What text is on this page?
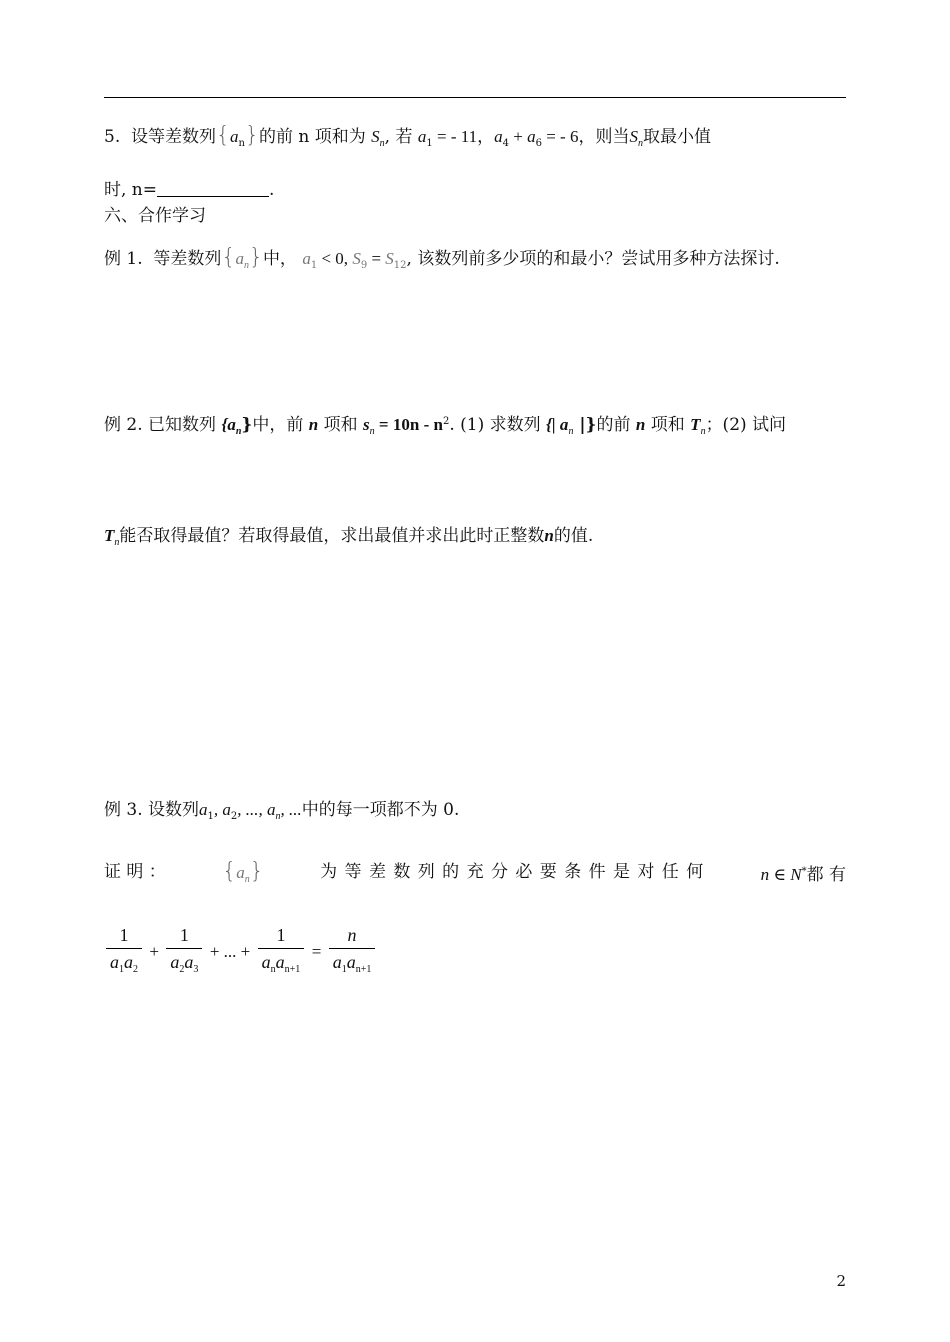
5.  设等差数列$\{a_n\}$的前 n 项和为 $S_n$, 若 $a_1$ = - 11，$a_4 + a_6$ = - 6，则当$S_n$取最小值
时, n=	.
六、合作学习
例 1.  等差数列$\{a_n\}$中， $a_1 < 0$, $S_9 = S_{12}$, 该数列前多少项的和最小？尝试用多种方法探讨.
例 2. 已知数列 $\{a_n\}$中，前 n 项和 $s_n = 10n - n^2$. (1) 求数列 {| $a_n$ |}的前 n 项和 $T_n$；(2) 试问
$T_n$能否取得最值？若取得最值，求出最值并求出此时正整数n的值.
例 3. 设数列$a_1$, $a_2$, ..., $a_n$, ...中的每一项都不为 0.
证 明 ：	$\{a_n\}$	为 等 差 数 列 的 充 分 必 要 条 件 是 对 任 何	n ∈ N*都 有
$\frac{1}{a_1a_2} + \frac{1}{a_2a_3}$ + ... + $\frac{1}{a_na_{n+1}} = \frac{n}{a_1a_{n+1}}$
2
